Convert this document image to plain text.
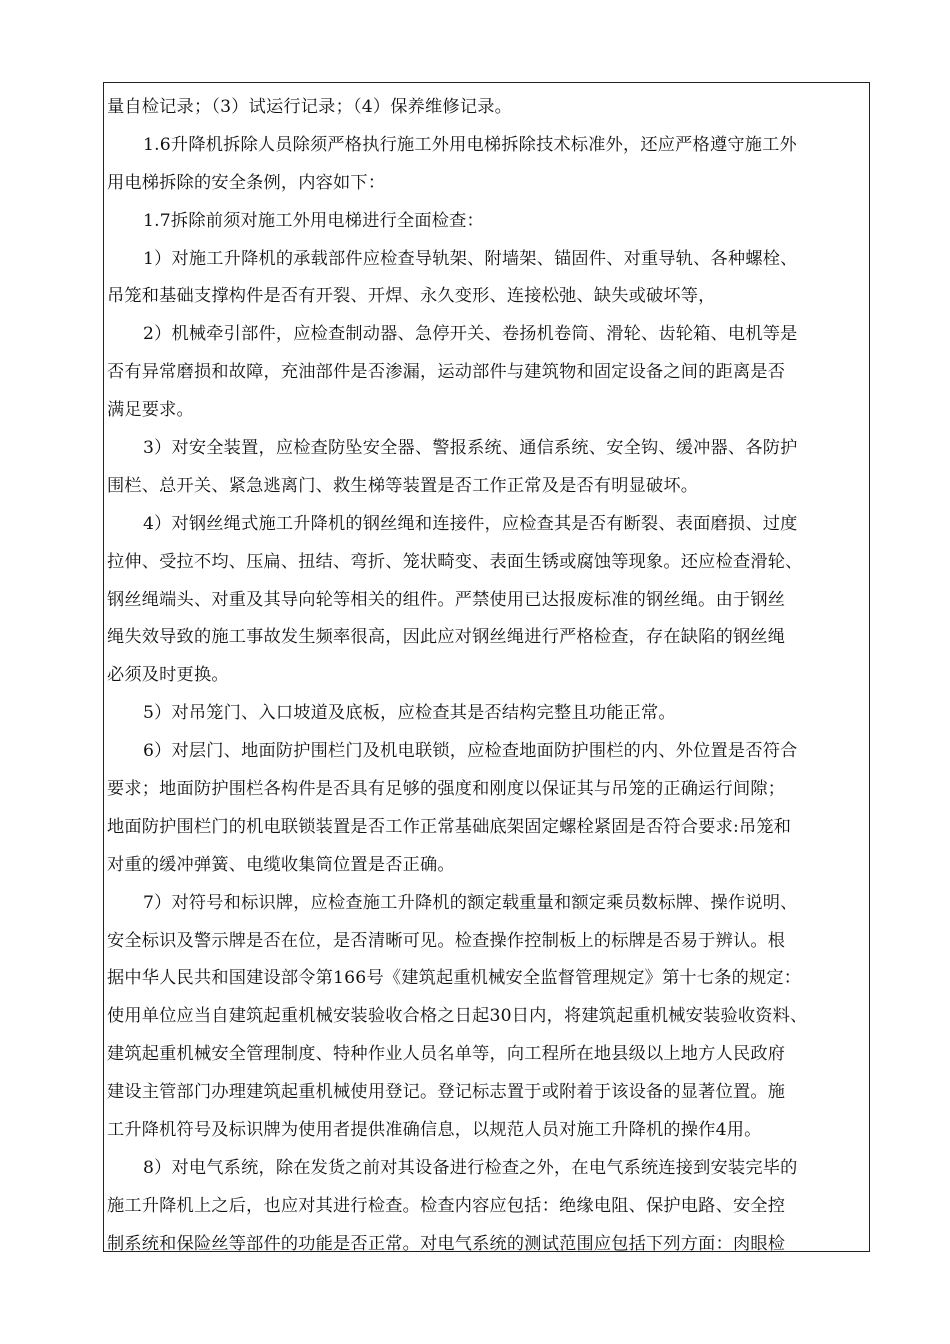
量自检记录；（3）试运行记录；（4）保养维修记录。
1.6升降机拆除人员除须严格执行施工外用电梯拆除技术标准外，还应严格遵守施工外
用电梯拆除的安全条例，内容如下：
1.7拆除前须对施工外用电梯进行全面检查：
1）对施工升降机的承载部件应检查导轨架、附墙架、锚固件、对重导轨、各种螺栓、
吊笼和基础支撑构件是否有开裂、开焊、永久变形、连接松弛、缺失或破坏等，
2）机械牵引部件，应检查制动器、急停开关、卷扬机卷筒、滑轮、齿轮箱、电机等是
否有异常磨损和故障，充油部件是否渗漏，运动部件与建筑物和固定设备之间的距离是否
满足要求。
3）对安全装置，应检查防坠安全器、警报系统、通信系统、安全钩、缓冲器、各防护
围栏、总开关、紧急逃离门、救生梯等装置是否工作正常及是否有明显破坏。
4）对钢丝绳式施工升降机的钢丝绳和连接件，应检查其是否有断裂、表面磨损、过度
拉伸、受拉不均、压扁、扭结、弯折、笼状畸变、表面生锈或腐蚀等现象。还应检查滑轮、
钢丝绳端头、对重及其导向轮等相关的组件。严禁使用已达报废标准的钢丝绳。由于钢丝
绳失效导致的施工事故发生频率很高，因此应对钢丝绳进行严格检查，存在缺陷的钢丝绳
必须及时更换。
5）对吊笼门、入口坡道及底板，应检查其是否结构完整且功能正常。
6）对层门、地面防护围栏门及机电联锁，应检查地面防护围栏的内、外位置是否符合
要求；地面防护围栏各构件是否具有足够的强度和刚度以保证其与吊笼的正确运行间隙；
地面防护围栏门的机电联锁装置是否工作正常基础底架固定螺栓紧固是否符合要求:吊笼和
对重的缓冲弹簧、电缆收集筒位置是否正确。
7）对符号和标识牌，应检查施工升降机的额定载重量和额定乘员数标牌、操作说明、
安全标识及警示牌是否在位，是否清晰可见。检查操作控制板上的标牌是否易于辨认。根
据中华人民共和国建设部令第166号《建筑起重机械安全监督管理规定》第十七条的规定：
使用单位应当自建筑起重机械安装验收合格之日起30日内，将建筑起重机械安装验收资料、
建筑起重机械安全管理制度、特种作业人员名单等，向工程所在地县级以上地方人民政府
建设主管部门办理建筑起重机械使用登记。登记标志置于或附着于该设备的显著位置。施
工升降机符号及标识牌为使用者提供准确信息，以规范人员对施工升降机的操作4用。
8）对电气系统，除在发货之前对其设备进行检查之外，在电气系统连接到安装完毕的
施工升降机上之后，也应对其进行检查。检查内容应包括：绝缘电阻、保护电路、安全控
制系统和保险丝等部件的功能是否正常。对电气系统的测试范围应包括下列方面：肉眼检
